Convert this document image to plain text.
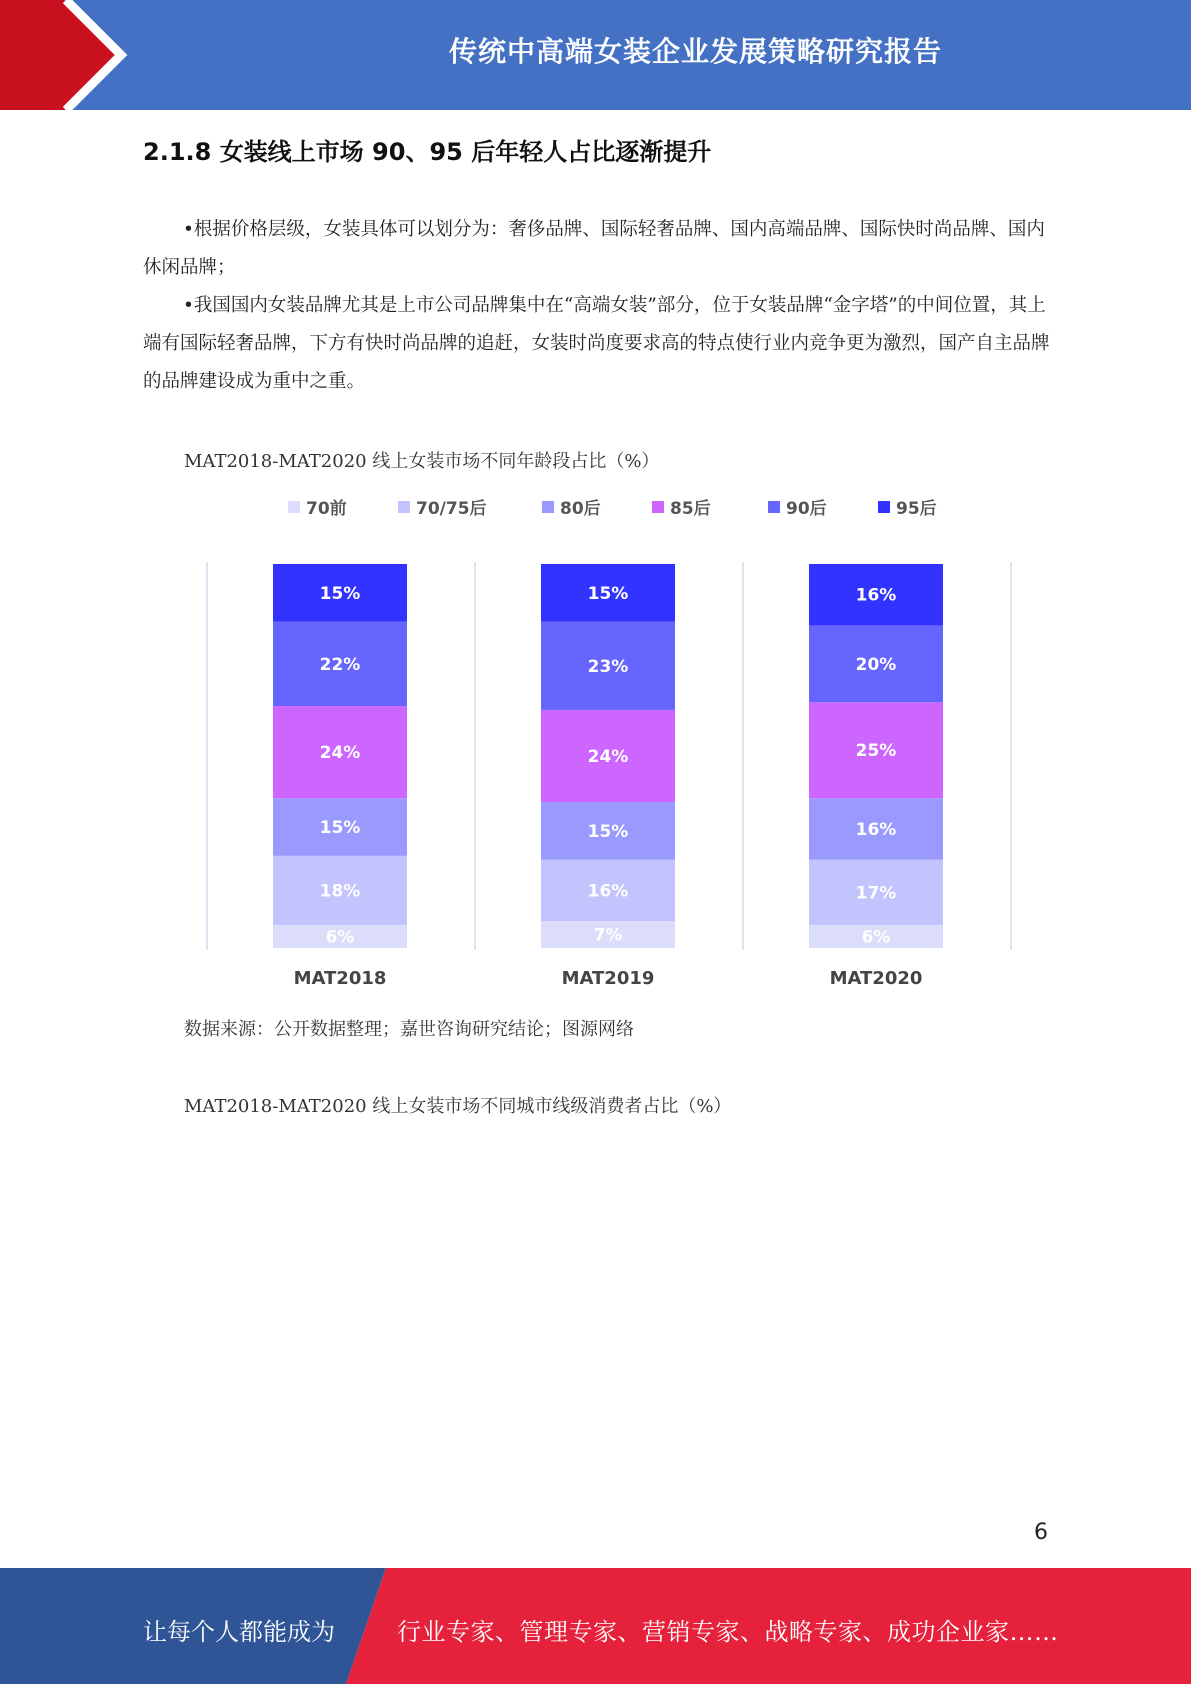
传统中高端女装企业发展策略研究报告
2.1.8 女装线上市场 90、95 后年轻人占比逐渐提升

•根据价格层级，女装具体可以划分为：奢侈品牌、国际轻奢品牌、国内高端品牌、国际快时尚品牌、国内休闲品牌；

•我国国内女装品牌尤其是上市公司品牌集中在“高端女装”部分，位于女装品牌“金字塔”的中间位置，其上端有国际轻奢品牌，下方有快时尚品牌的追赶，女装时尚度要求高的特点使行业内竞争更为激烈，国产自主品牌的品牌建设成为重中之重。

MAT2018-MAT2020 线上女装市场不同年龄段占比（%）
70前	70/75后	80后	85后	90后	95后
6%
18%
15%
24%
22%
15%
MAT2018
7%
16%
15%
24%
23%
15%
MAT2019
6%
17%
16%
25%
20%
16%
MAT2020
数据来源：公开数据整理；嘉世咨询研究结论；图源网络
MAT2018-MAT2020 线上女装市场不同城市线级消费者占比（%）
6
让每个人都能成为	行业专家、管理专家、营销专家、战略专家、成功企业家……
